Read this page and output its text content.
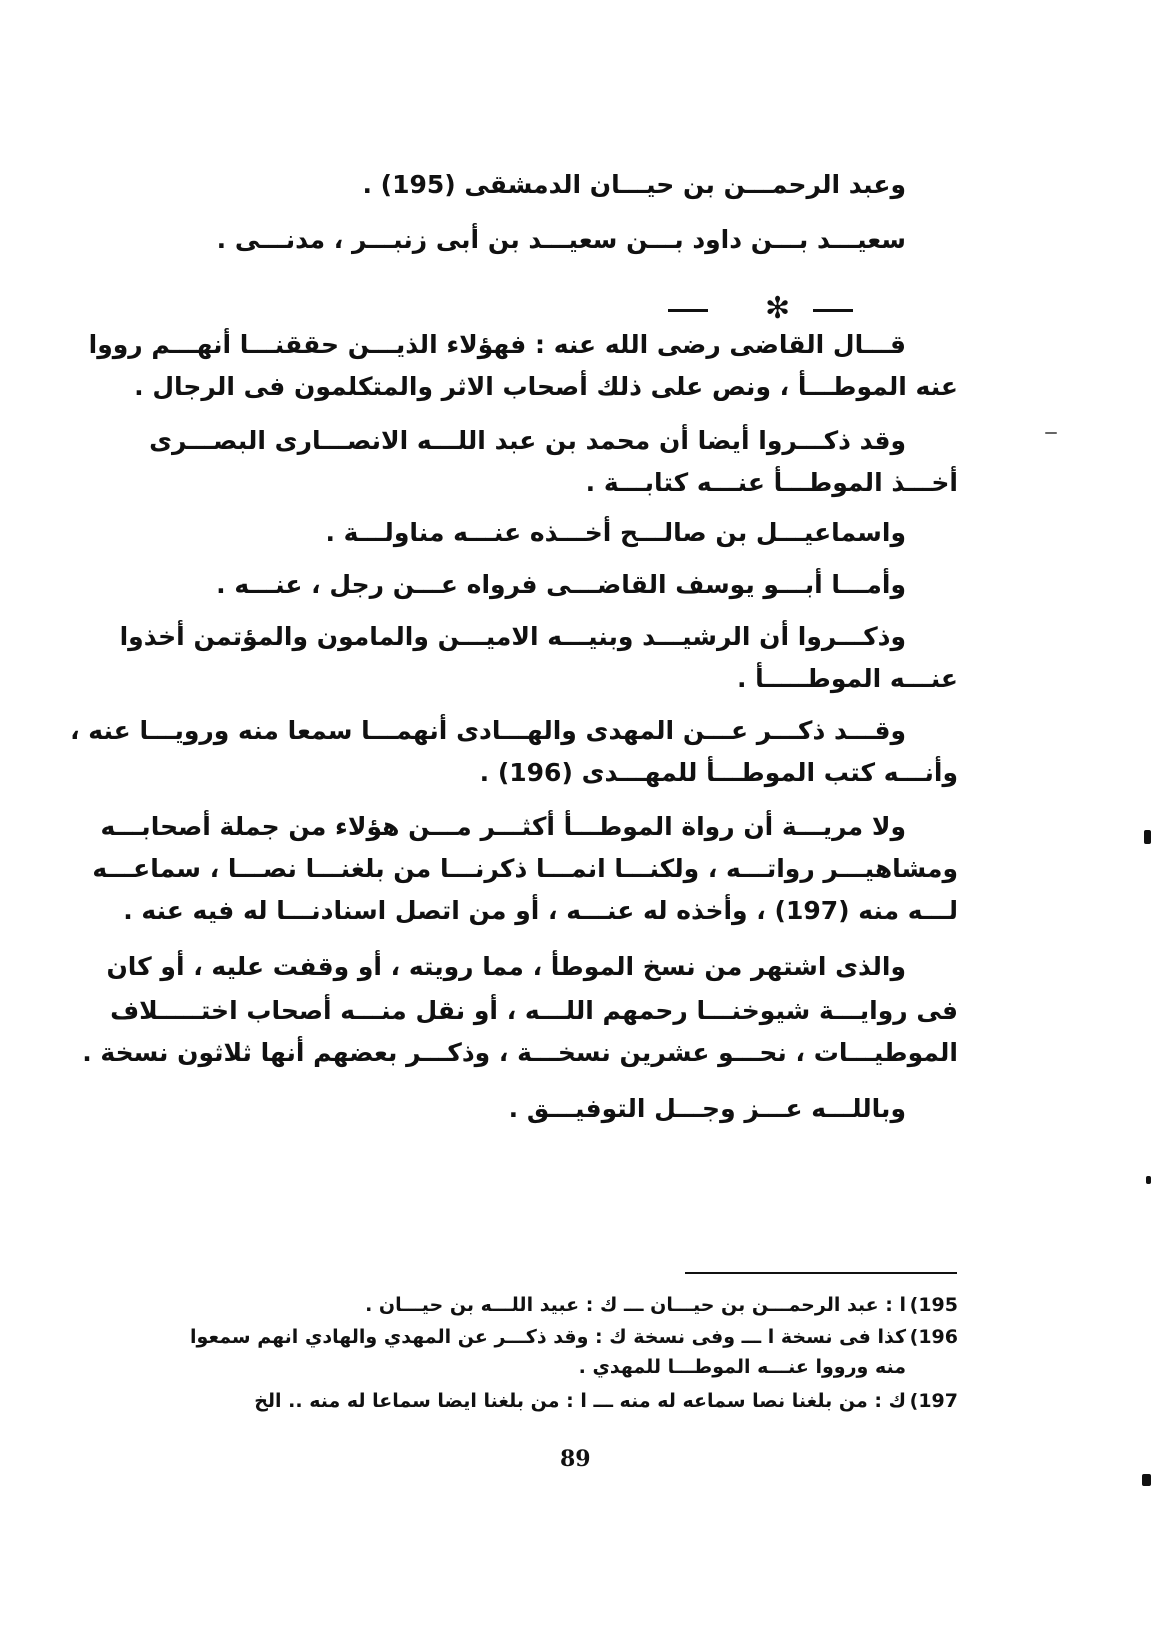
وعبد الرحمـــن بن حيـــان الدمشقى (195) .
سعيـــد بـــن داود بـــن سعيـــد بن أبى زنبـــر ، مدنـــى .
✻
قـــال القاضى رضى الله عنه : فهؤلاء الذيـــن حققنـــا أنهـــم رووا
عنه الموطـــأ ، ونص على ذلك أصحاب الاثر والمتكلمون فى الرجال .
وقد ذكـــروا أيضا أن محمد بن عبد اللـــه الانصـــارى البصـــرى
أخـــذ الموطـــأ عنـــه كتابـــة .
واسماعيـــل بن صالـــح أخـــذه عنـــه مناولـــة .
وأمـــا أبـــو يوسف القاضـــى فرواه عـــن رجل ، عنـــه .
وذكـــروا أن الرشيـــد وبنيـــه الاميـــن والمامون والمؤتمن أخذوا
عنـــه الموطـــــأ .
وقـــد ذكـــر عـــن المهدى والهـــادى أنهمـــا سمعا منه ورويـــا عنه ،
وأنـــه كتب الموطـــأ للمهـــدى (196) .
ولا مريـــة أن رواة الموطـــأ أكثـــر مـــن هؤلاء من جملة أصحابـــه
ومشاهيـــر رواتـــه ، ولكنـــا انمـــا ذكرنـــا من بلغنـــا نصـــا ، سماعـــه
لـــه منه (197) ، وأخذه له عنـــه ، أو من اتصل اسنادنـــا له فيه عنه .
والذى اشتهر من نسخ الموطأ ، مما رويته ، أو وقفت عليه ، أو كان
فى روايـــة شيوخنـــا رحمهم اللـــه ، أو نقل منـــه أصحاب اختـــــلاف
الموطيـــات ، نحـــو عشرين نسخـــة ، وذكـــر بعضهم أنها ثلاثون نسخة .
وباللـــه عـــز وجـــل التوفيـــق .
195)
ا : عبد الرحمـــن بن حيـــان ـــ ك : عبيد اللـــه بن حيـــان .
196)
كذا فى نسخة ا ـــ وفى نسخة ك : وقد ذكـــر عن المهدي والهادي انهم سمعوا
منه ورووا عنـــه الموطـــا للمهدي .
197)
ك : من بلغنا نصا سماعه له منه ـــ ا : من بلغنا ايضا سماعا له منه .. الخ
89
